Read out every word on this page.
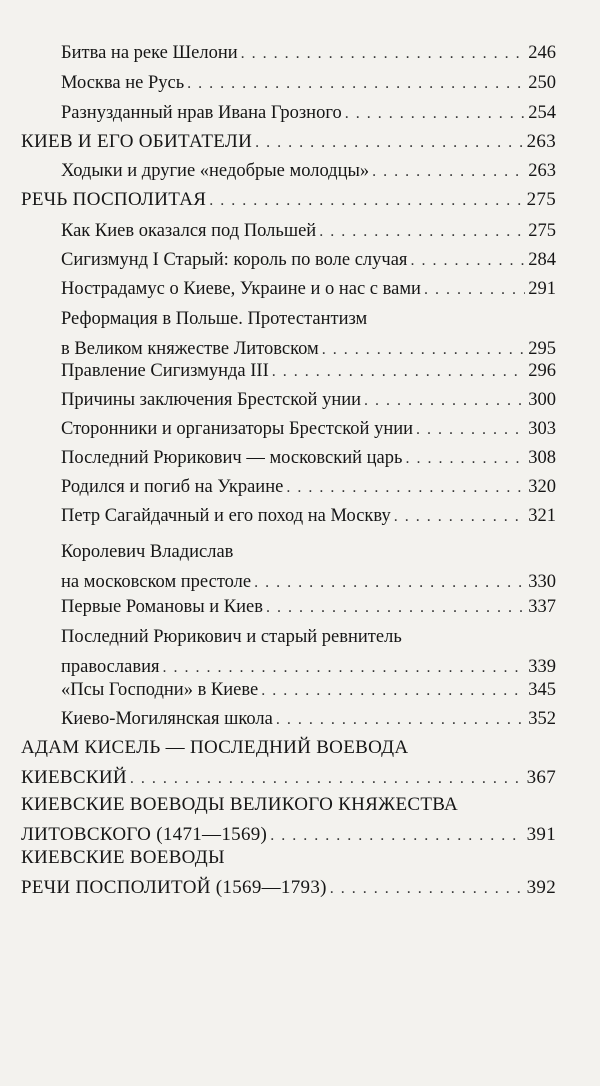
Битва на реке Шелони . . .	246
Москва не Русь . . .	250
Разнузданный нрав Ивана Грозного . . .	254
КИЕВ И ЕГО ОБИТАТЕЛИ . . .	263
Ходыки и другие «недобрые молодцы» . . .	263
РЕЧЬ ПОСПОЛИТАЯ . . .	275
Как Киев оказался под Польшей . . .	275
Сигизмунд I Старый: король по воле случая . . .	284
Нострадамус о Киеве, Украине и о нас с вами . . .	291
Реформация в Польше. Протестантизм
в Великом княжестве Литовском . . .	295
Правление Сигизмунда III . . .	296
Причины заключения Брестской унии . . .	300
Сторонники и организаторы Брестской унии . . .	303
Последний Рюрикович — московский царь . . .	308
Родился и погиб на Украине . . .	320
Петр Сагайдачный и его поход на Москву . . .	321
Королевич Владислав
на московском престоле . . .	330
Первые Романовы и Киев . . .	337
Последний Рюрикович и старый ревнитель
православия . . .	339
«Псы Господни» в Киеве . . .	345
Киево-Могилянская школа . . .	352
АДАМ КИСЕЛЬ — ПОСЛЕДНИЙ ВОЕВОДА
КИЕВСКИЙ . . .	367
КИЕВСКИЕ ВОЕВОДЫ ВЕЛИКОГО КНЯЖЕСТВА
ЛИТОВСКОГО (1471—1569) . . .	391
КИЕВСКИЕ ВОЕВОДЫ
РЕЧИ ПОСПОЛИТОЙ (1569—1793) . . .	392
